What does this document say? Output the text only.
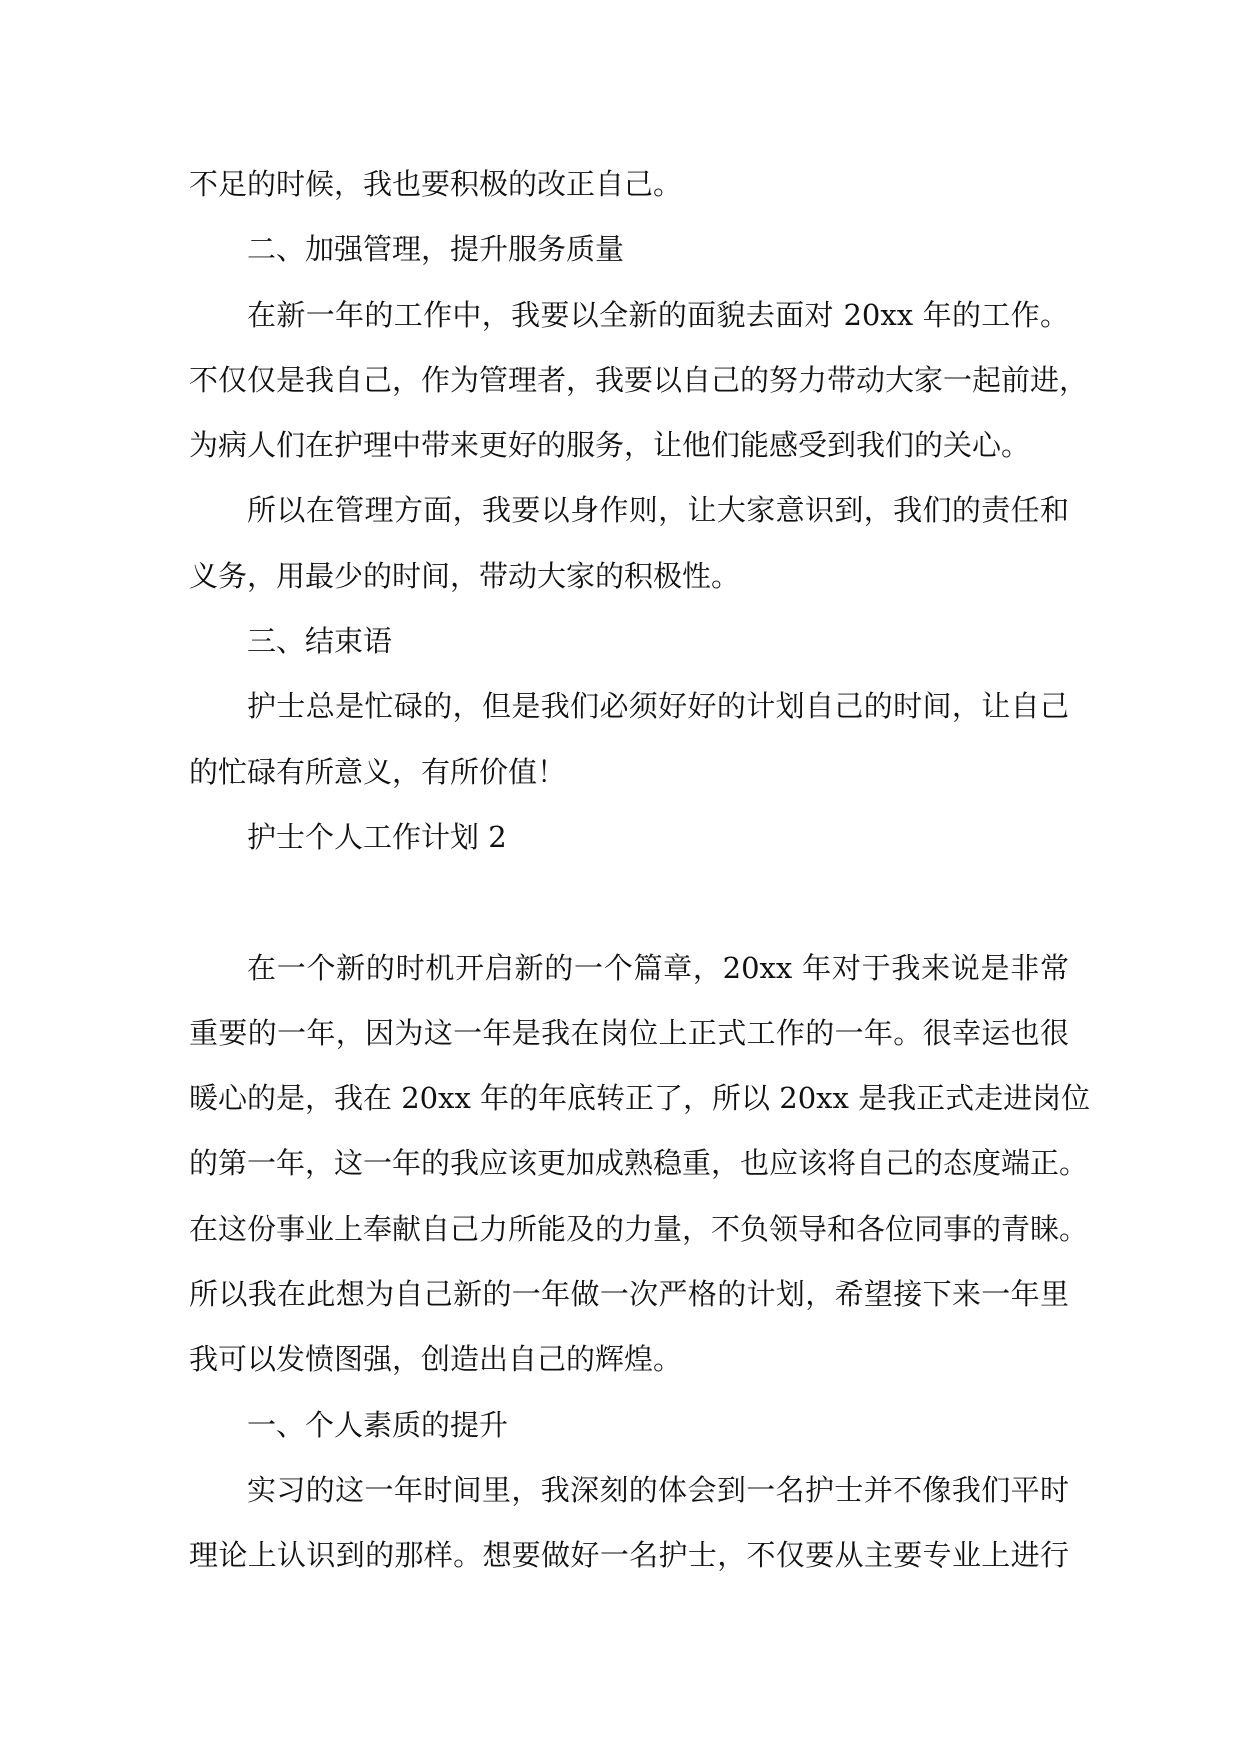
不足的时候，我也要积极的改正自己。
二、加强管理，提升服务质量
在新一年的工作中，我要以全新的面貌去面对 20xx 年的工作。
不仅仅是我自己，作为管理者，我要以自己的努力带动大家一起前进，
为病人们在护理中带来更好的服务，让他们能感受到我们的关心。
所以在管理方面，我要以身作则，让大家意识到，我们的责任和
义务，用最少的时间，带动大家的积极性。
三、结束语
护士总是忙碌的，但是我们必须好好的计划自己的时间，让自己
的忙碌有所意义，有所价值！
护士个人工作计划 2
在一个新的时机开启新的一个篇章，20xx 年对于我来说是非常
重要的一年，因为这一年是我在岗位上正式工作的一年。很幸运也很
暖心的是，我在 20xx 年的年底转正了，所以 20xx 是我正式走进岗位
的第一年，这一年的我应该更加成熟稳重，也应该将自己的态度端正。
在这份事业上奉献自己力所能及的力量，不负领导和各位同事的青睐。
所以我在此想为自己新的一年做一次严格的计划，希望接下来一年里
我可以发愤图强，创造出自己的辉煌。
一、个人素质的提升
实习的这一年时间里，我深刻的体会到一名护士并不像我们平时
理论上认识到的那样。想要做好一名护士，不仅要从主要专业上进行
